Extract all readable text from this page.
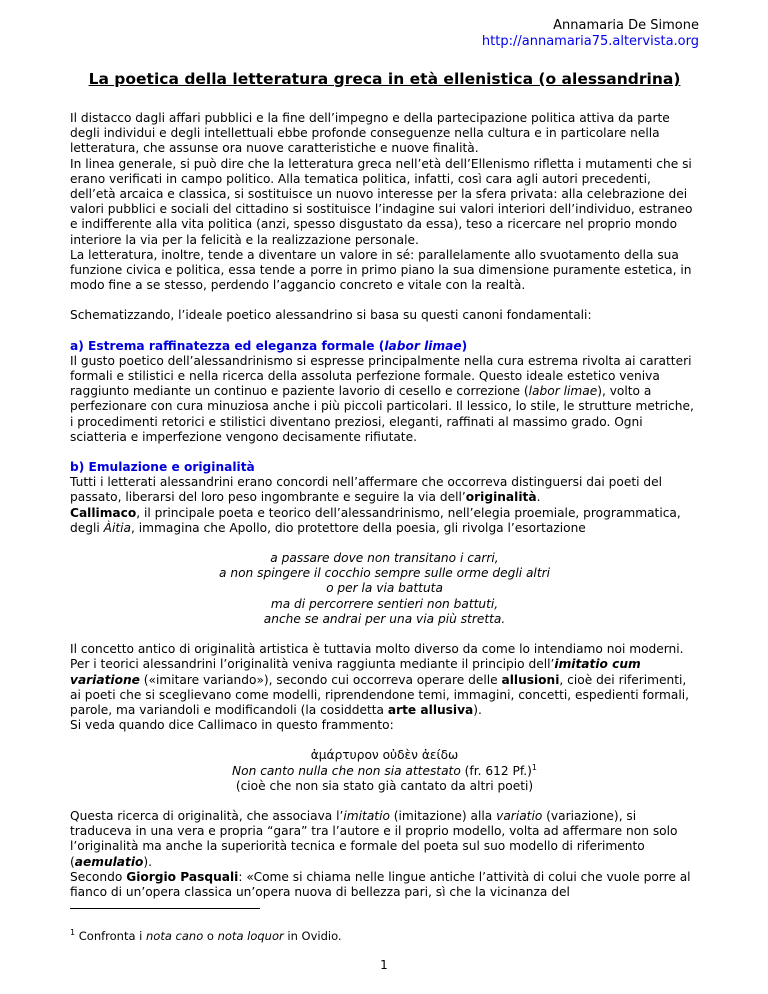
Annamaria De Simone
http://annamaria75.altervista.org
La poetica della letteratura greca in età ellenistica (o alessandrina)

Il distacco dagli affari pubblici e la fine dell’impegno e della partecipazione politica attiva da parte degli individui e degli intellettuali ebbe profonde conseguenze nella cultura e in particolare nella letteratura, che assunse ora nuove caratteristiche e nuove finalità.

In linea generale, si può dire che la letteratura greca nell’età dell’Ellenismo rifletta i mutamenti che si erano verificati in campo politico. Alla tematica politica, infatti, così cara agli autori precedenti, dell’età arcaica e classica, si sostituisce un nuovo interesse per la sfera privata: alla celebrazione dei valori pubblici e sociali del cittadino si sostituisce l’indagine sui valori interiori dell’individuo, estraneo e indifferente alla vita politica (anzi, spesso disgustato da essa), teso a ricercare nel proprio mondo interiore la via per la felicità e la realizzazione personale.

La letteratura, inoltre, tende a diventare un valore in sé: parallelamente allo svuotamento della sua funzione civica e politica, essa tende a porre in primo piano la sua dimensione puramente estetica, in modo fine a se stesso, perdendo l’aggancio concreto e vitale con la realtà.

Schematizzando, l’ideale poetico alessandrino si basa su questi canoni fondamentali:

a) Estrema raffinatezza ed eleganza formale (labor limae)

Il gusto poetico dell’alessandrinismo si espresse principalmente nella cura estrema rivolta ai caratteri formali e stilistici e nella ricerca della assoluta perfezione formale. Questo ideale estetico veniva raggiunto mediante un continuo e paziente lavorio di cesello e correzione (labor limae), volto a perfezionare con cura minuziosa anche i più piccoli particolari. Il lessico, lo stile, le strutture metriche, i procedimenti retorici e stilistici diventano preziosi, eleganti, raffinati al massimo grado. Ogni sciatteria e imperfezione vengono decisamente rifiutate.

b) Emulazione e originalità

Tutti i letterati alessandrini erano concordi nell’affermare che occorreva distinguersi dai poeti del passato, liberarsi del loro peso ingombrante e seguire la via dell’originalità.

Callimaco, il principale poeta e teorico dell’alessandrinismo, nell’elegia proemiale, programmatica, degli Àitia, immagina che Apollo, dio protettore della poesia, gli rivolga l’esortazione

a passare dove non transitano i carri,
a non spingere il cocchio sempre sulle orme degli altri
o per la via battuta
ma di percorrere sentieri non battuti,
anche se andrai per una via più stretta.

Il concetto antico di originalità artistica è tuttavia molto diverso da come lo intendiamo noi moderni. Per i teorici alessandrini l’originalità veniva raggiunta mediante il principio dell’imitatio cum variatione («imitare variando»), secondo cui occorreva operare delle allusioni, cioè dei riferimenti, ai poeti che si sceglievano come modelli, riprendendone temi, immagini, concetti, espedienti formali, parole, ma variandoli e modificandoli (la cosiddetta arte allusiva).

Si veda quando dice Callimaco in questo frammento:

ἀμάρτυρον οὐδὲν ἀείδω
Non canto nulla che non sia attestato (fr. 612 Pf.)$^1$
(cioè che non sia stato già cantato da altri poeti)

Questa ricerca di originalità, che associava l’imitatio (imitazione) alla variatio (variazione), si traduceva in una vera e propria “gara” tra l’autore e il proprio modello, volta ad affermare non solo l’originalità ma anche la superiorità tecnica e formale del poeta sul suo modello di riferimento (aemulatio).

Secondo Giorgio Pasquali: «Come si chiama nelle lingue antiche l’attività di colui che vuole porre al fianco di un’opera classica un’opera nuova di bellezza pari, sì che la vicinanza del

$^1$ Confronta i nota cano o nota loquor in Ovidio.
1
